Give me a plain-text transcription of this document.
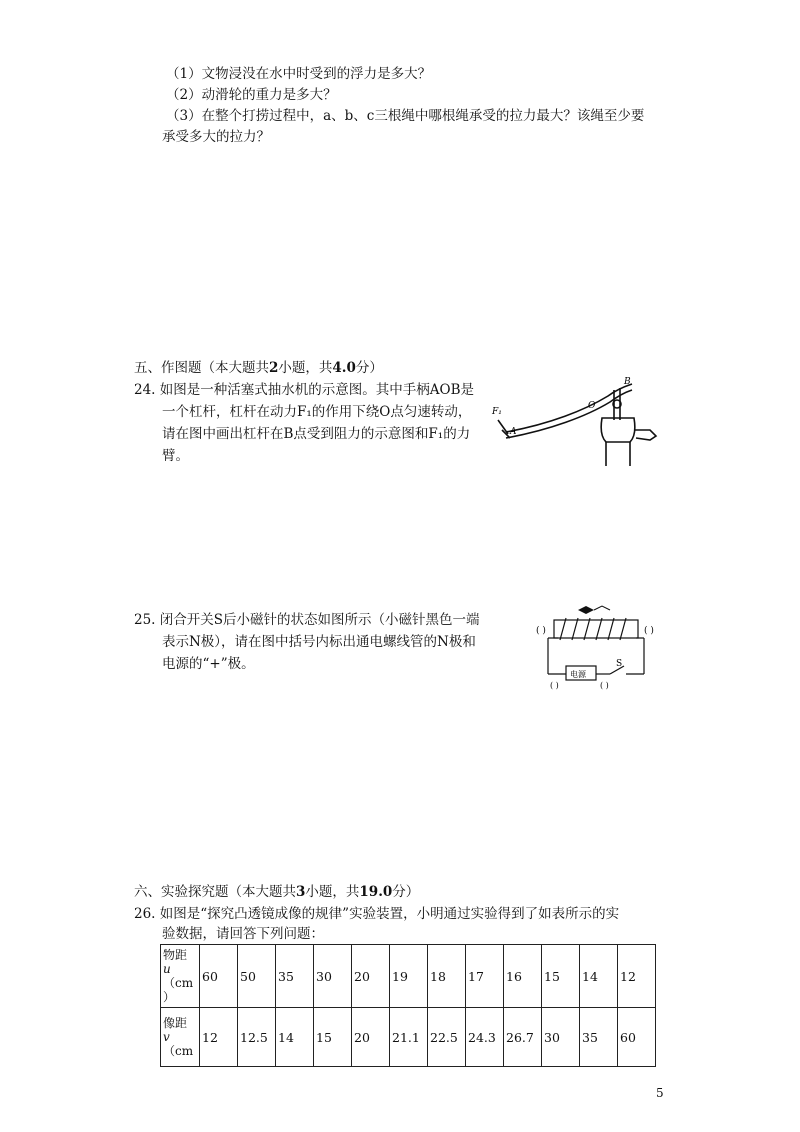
（1）文物浸没在水中时受到的浮力是多大？
（2）动滑轮的重力是多大？
（3）在整个打捞过程中，a、b、c三根绳中哪根绳承受的拉力最大？该绳至少要
承受多大的拉力？
五、作图题（本大题共2小题，共4.0分）
24. 如图是一种活塞式抽水机的示意图。其中手柄AOB是
一个杠杆，杠杆在动力F₁的作用下绕O点匀速转动，
请在图中画出杠杆在B点受到阻力的示意图和F₁的力
臂。
B
O
A
F₁
25. 闭合开关S后小磁针的状态如图所示（小磁针黑色一端
表示N极），请在图中括号内标出通电螺线管的N极和
电源的“+”极。
( )	( )
电源
S
( )	( )
六、实验探究题（本大题共3小题，共19.0分）
26. 如图是“探究凸透镜成像的规律”实验装置，小明通过实验得到了如表所示的实
验数据，请回答下列问题：
物距
u
（cm
）	60	50	35	30	20	19	18	17	16	15	14	12

像距
v
（cm	12	12.5	14	15	20	21.1	22.5	24.3	26.7	30	35	60
5
